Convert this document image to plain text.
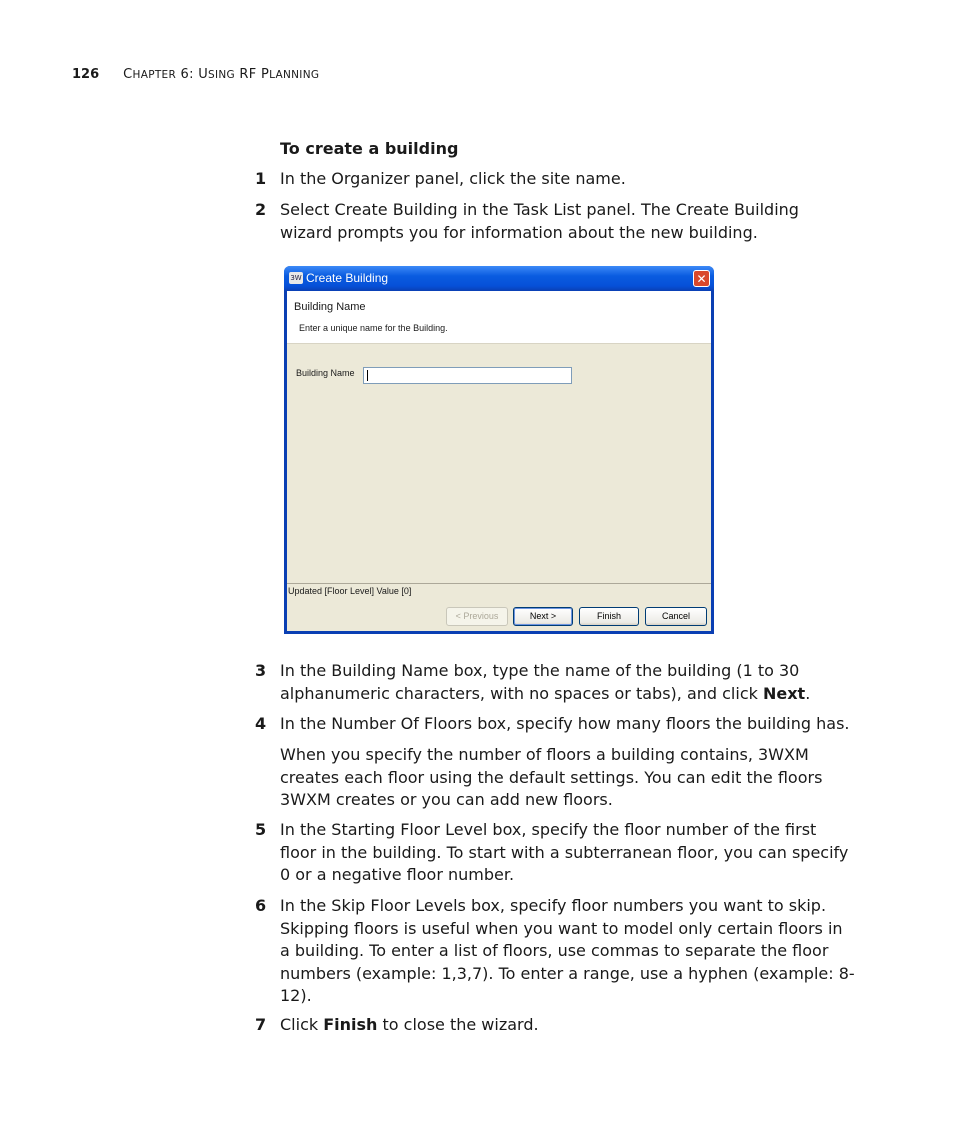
126 CHAPTER 6: USING RF PLANNING
To create a building
1 In the Organizer panel, click the site name.
2 Select Create Building in the Task List panel. The Create Building wizard prompts you for information about the new building.
3W Create Building	✕
Building Name
Enter a unique name for the Building.
Building Name
Updated [Floor Level] Value [0]
< Previous	Next >	Finish	Cancel
3 In the Building Name box, type the name of the building (1 to 30 alphanumeric characters, with no spaces or tabs), and click Next.
4 In the Number Of Floors box, specify how many floors the building has.
When you specify the number of floors a building contains, 3WXM creates each floor using the default settings. You can edit the floors 3WXM creates or you can add new floors.
5 In the Starting Floor Level box, specify the floor number of the first floor in the building. To start with a subterranean floor, you can specify 0 or a negative floor number.
6 In the Skip Floor Levels box, specify floor numbers you want to skip. Skipping floors is useful when you want to model only certain floors in a building. To enter a list of floors, use commas to separate the floor numbers (example: 1,3,7). To enter a range, use a hyphen (example: 8-12).
7 Click Finish to close the wizard.
